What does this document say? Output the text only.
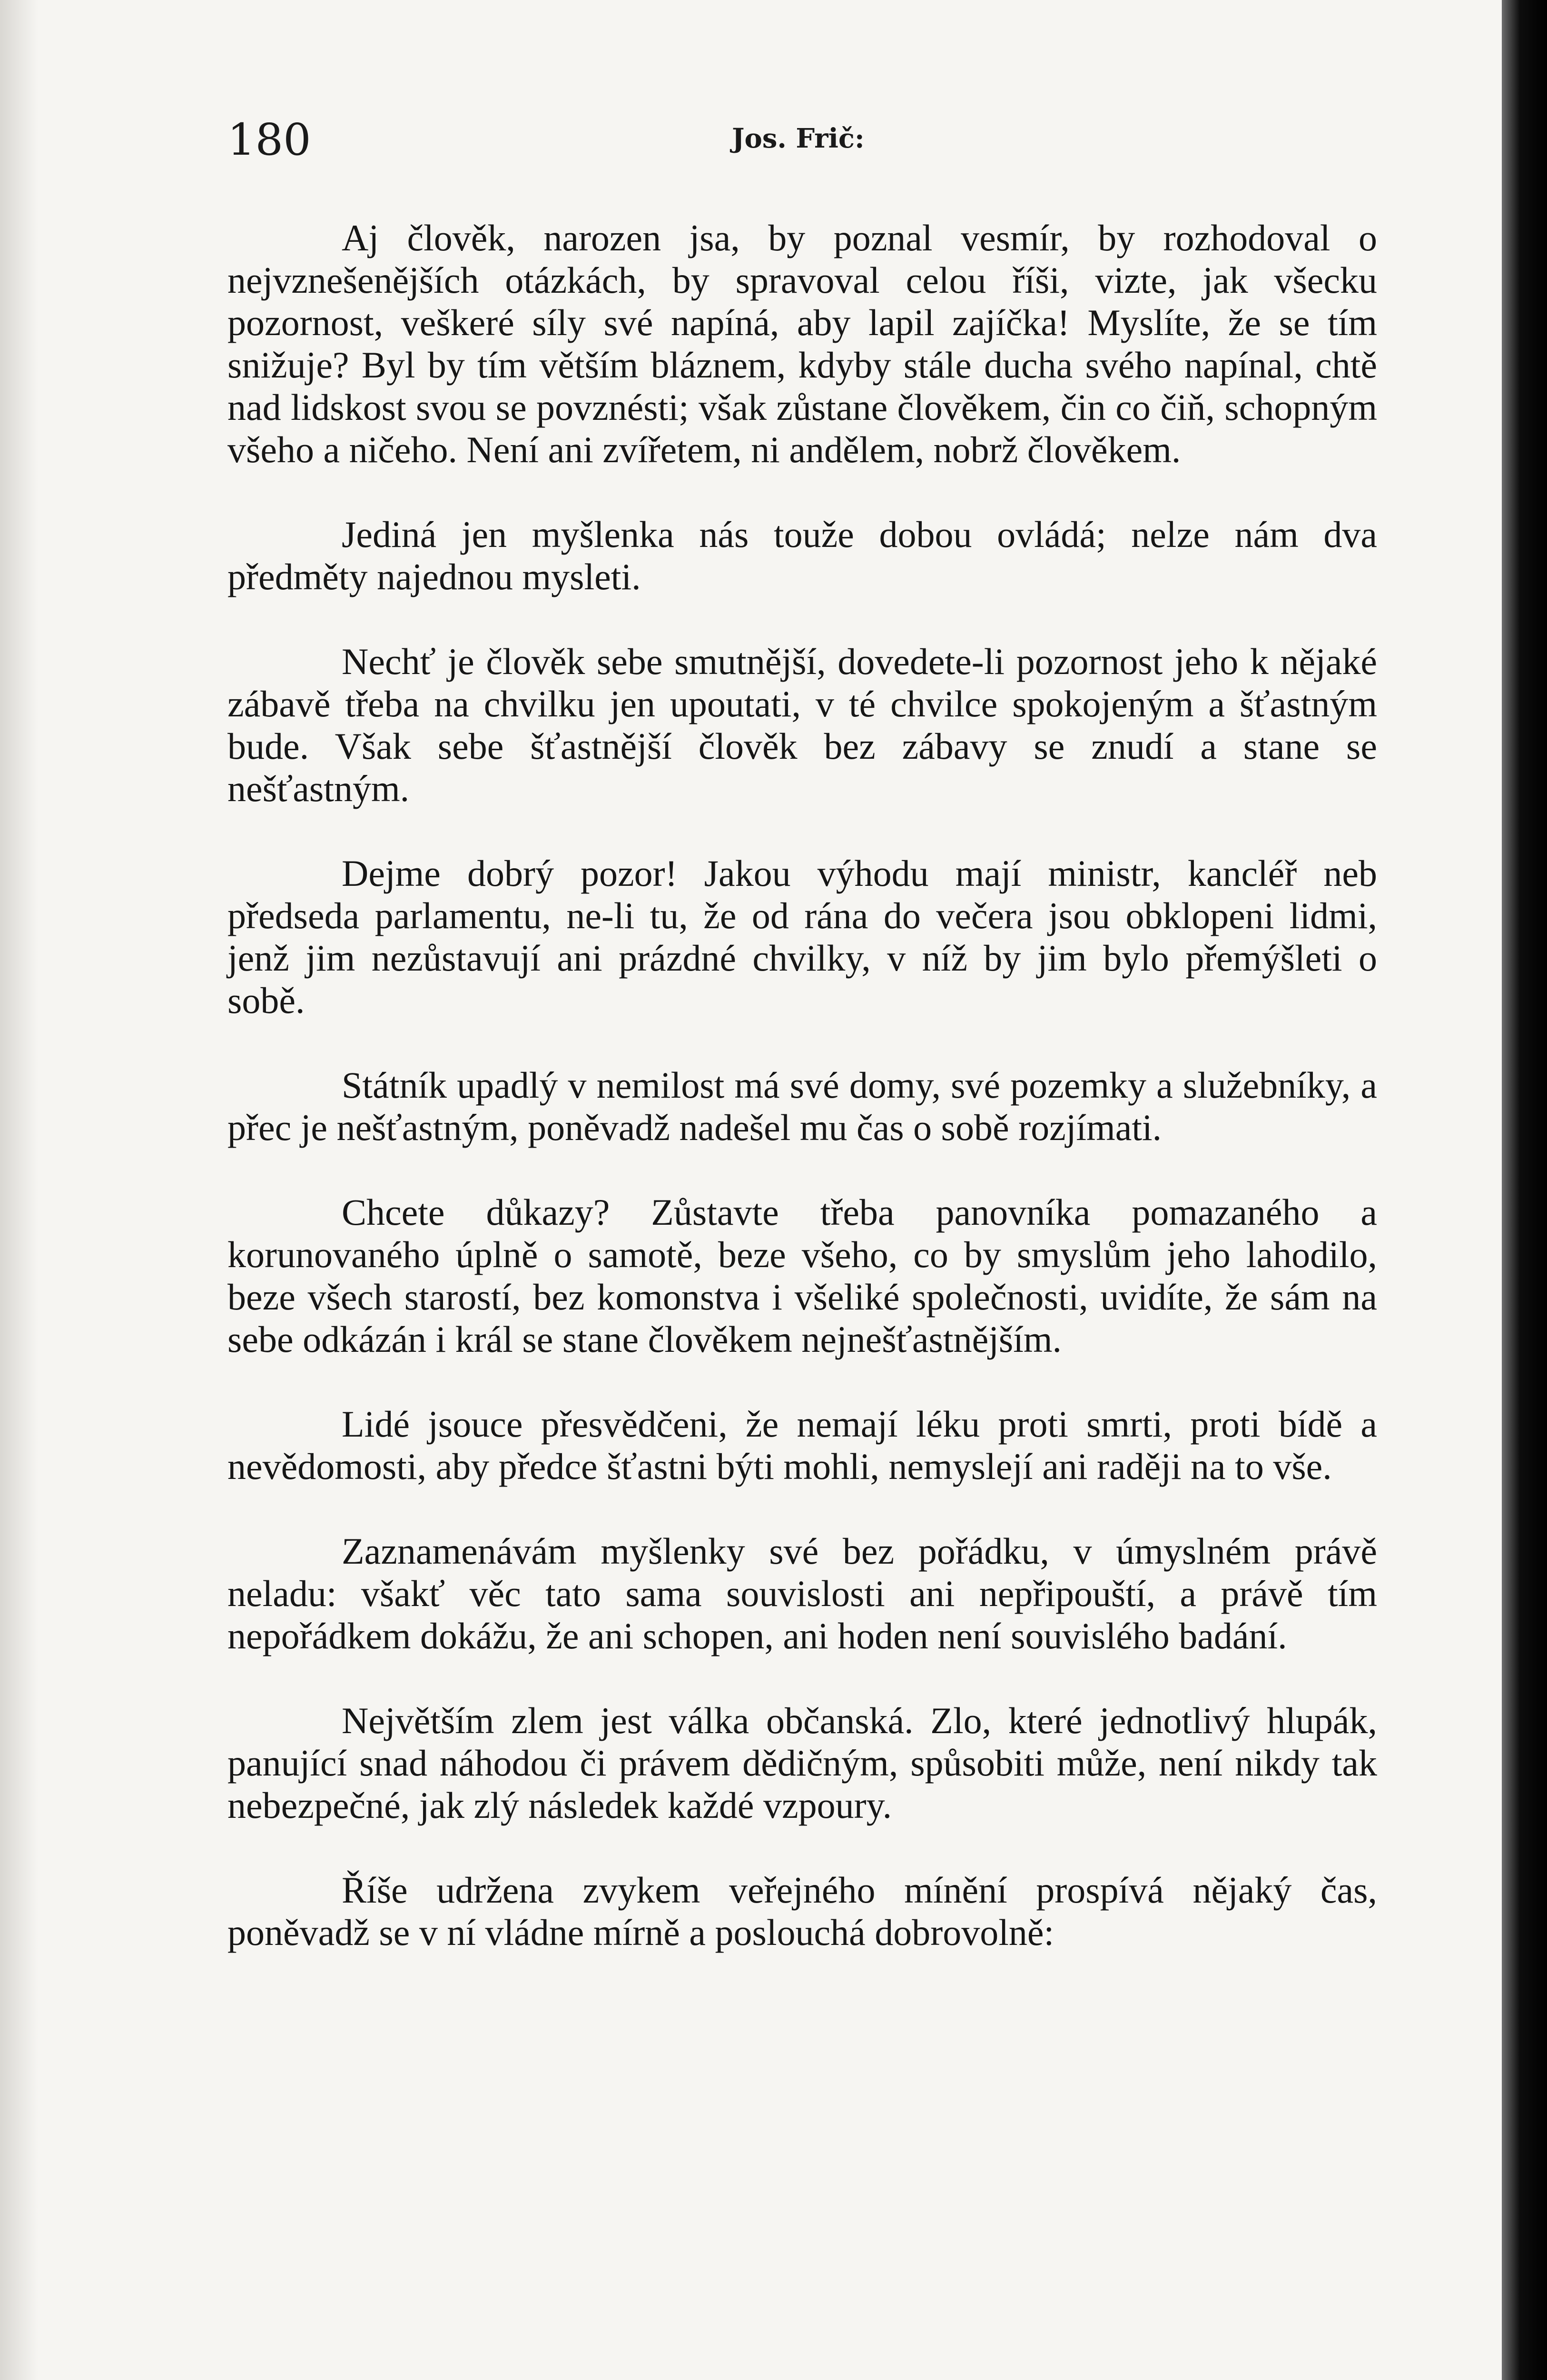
180	Jos. Frič:

Aj člověk, narozen jsa, by poznal vesmír, by rozhodoval o nejvznešenějších otázkách, by spravoval celou říši, vizte, jak všecku pozornost, veškeré síly své napíná, aby lapil zajíčka! Myslíte, že se tím snižuje? Byl by tím větším bláznem, kdyby stále ducha svého napínal, chtě nad lidskost svou se povznésti; však zůstane člověkem, čin co čiň, schopným všeho a ničeho. Není ani zvířetem, ni andělem, nobrž člověkem.

Jediná jen myšlenka nás touže dobou ovládá; nelze nám dva předměty najednou mysleti.

Nechť je člověk sebe smutnější, dovedete-li pozornost jeho k nějaké zábavě třeba na chvilku jen upoutati, v té chvilce spokojeným a šťastným bude. Však sebe šťastnější člověk bez zábavy se znudí a stane se nešťastným.

Dejme dobrý pozor! Jakou výhodu mají ministr, kancléř neb předseda parlamentu, ne-li tu, že od rána do večera jsou obklopeni lidmi, jenž jim nezůstavují ani prázdné chvilky, v níž by jim bylo přemýšleti o sobě.

Státník upadlý v nemilost má své domy, své pozemky a služebníky, a přec je nešťastným, poněvadž nadešel mu čas o sobě rozjímati.

Chcete důkazy? Zůstavte třeba panovníka pomazaného a korunovaného úplně o samotě, beze všeho, co by smyslům jeho lahodilo, beze všech starostí, bez komonstva i všeliké společnosti, uvidíte, že sám na sebe odkázán i král se stane člověkem nejnešťastnějším.

Lidé jsouce přesvědčeni, že nemají léku proti smrti, proti bídě a nevědomosti, aby předce šťastni býti mohli, nemyslejí ani raději na to vše.

Zaznamenávám myšlenky své bez pořádku, v úmyslném právě neladu: všakť věc tato sama souvislosti ani nepřipouští, a právě tím nepořádkem dokážu, že ani schopen, ani hoden není souvislého badání.

Největším zlem jest válka občanská. Zlo, které jednotlivý hlupák, panující snad náhodou či právem dědičným, spůsobiti může, není nikdy tak nebezpečné, jak zlý následek každé vzpoury.

Říše udržena zvykem veřejného mínění prospívá nějaký čas, poněvadž se v ní vládne mírně a poslouchá dobrovolně:
